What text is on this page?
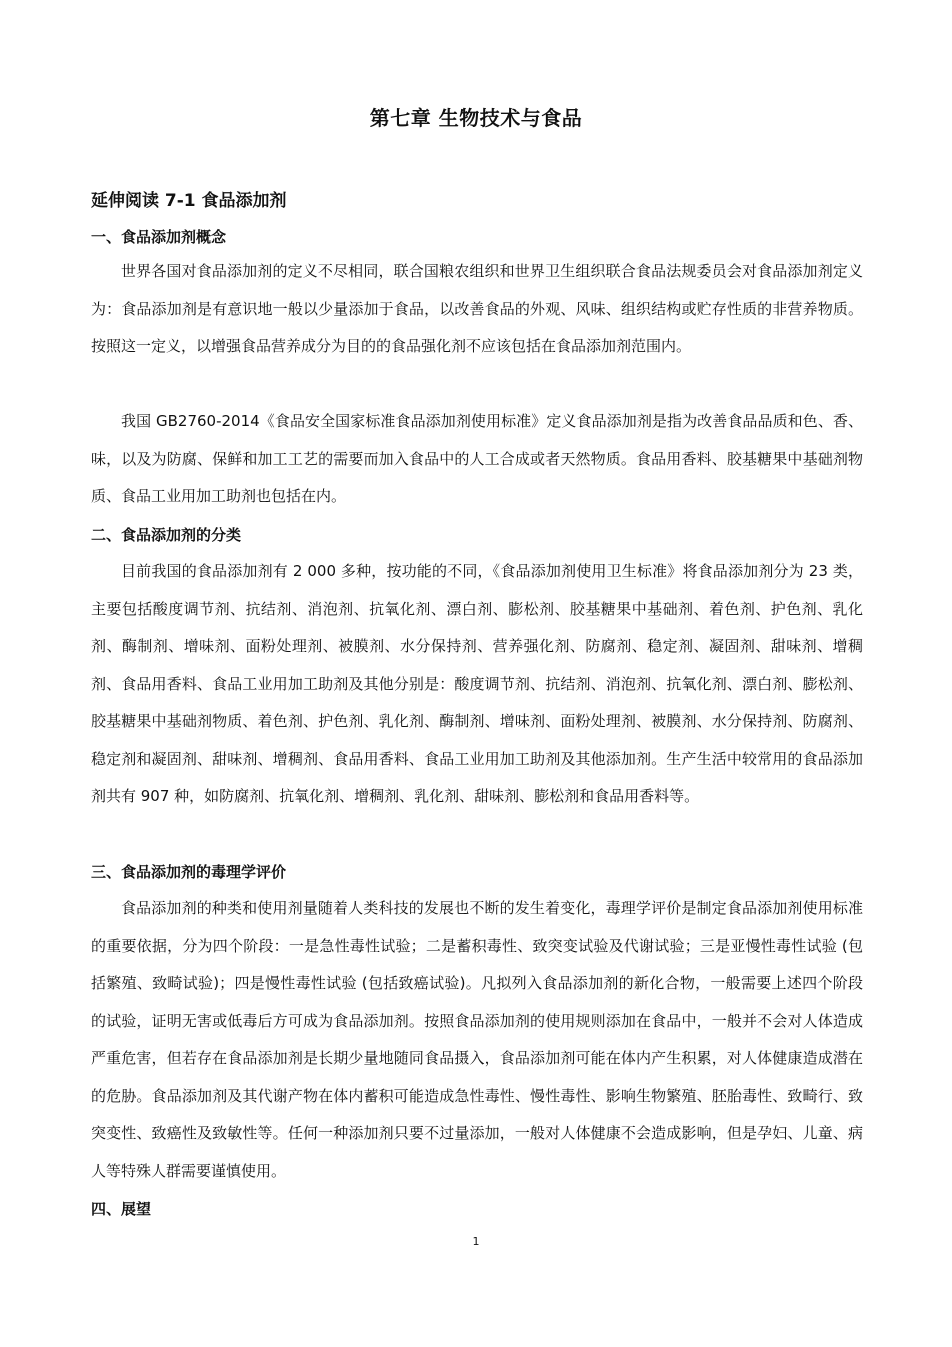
第七章 生物技术与食品
延伸阅读 7-1 食品添加剂
一、食品添加剂概念

世界各国对食品添加剂的定义不尽相同，联合国粮农组织和世界卫生组织联合食品法规委员会对食品添加剂定义为：食品添加剂是有意识地一般以少量添加于食品，以改善食品的外观、风味、组织结构或贮存性质的非营养物质。按照这一定义，以增强食品营养成分为目的的食品强化剂不应该包括在食品添加剂范围内。

我国 GB2760-2014《食品安全国家标准食品添加剂使用标准》定义食品添加剂是指为改善食品品质和色、香、味，以及为防腐、保鲜和加工工艺的需要而加入食品中的人工合成或者天然物质。食品用香料、胶基糖果中基础剂物质、食品工业用加工助剂也包括在内。

二、食品添加剂的分类

目前我国的食品添加剂有 2 000 多种，按功能的不同，《食品添加剂使用卫生标准》将食品添加剂分为 23 类，主要包括酸度调节剂、抗结剂、消泡剂、抗氧化剂、漂白剂、膨松剂、胶基糖果中基础剂、着色剂、护色剂、乳化剂、酶制剂、增味剂、面粉处理剂、被膜剂、水分保持剂、营养强化剂、防腐剂、稳定剂、凝固剂、甜味剂、增稠剂、食品用香料、食品工业用加工助剂及其他分别是：酸度调节剂、抗结剂、消泡剂、抗氧化剂、漂白剂、膨松剂、胶基糖果中基础剂物质、着色剂、护色剂、乳化剂、酶制剂、增味剂、面粉处理剂、被膜剂、水分保持剂、防腐剂、稳定剂和凝固剂、甜味剂、增稠剂、食品用香料、食品工业用加工助剂及其他添加剂。生产生活中较常用的食品添加剂共有 907 种，如防腐剂、抗氧化剂、增稠剂、乳化剂、甜味剂、膨松剂和食品用香料等。

三、食品添加剂的毒理学评价

食品添加剂的种类和使用剂量随着人类科技的发展也不断的发生着变化，毒理学评价是制定食品添加剂使用标准的重要依据，分为四个阶段：一是急性毒性试验；二是蓄积毒性、致突变试验及代谢试验；三是亚慢性毒性试验 (包括繁殖、致畸试验)；四是慢性毒性试验 (包括致癌试验)。凡拟列入食品添加剂的新化合物，一般需要上述四个阶段的试验，证明无害或低毒后方可成为食品添加剂。按照食品添加剂的使用规则添加在食品中，一般并不会对人体造成严重危害，但若存在食品添加剂是长期少量地随同食品摄入，食品添加剂可能在体内产生积累，对人体健康造成潜在的危胁。食品添加剂及其代谢产物在体内蓄积可能造成急性毒性、慢性毒性、影响生物繁殖、胚胎毒性、致畸行、致突变性、致癌性及致敏性等。任何一种添加剂只要不过量添加，一般对人体健康不会造成影响，但是孕妇、儿童、病人等特殊人群需要谨慎使用。

四、展望
1
